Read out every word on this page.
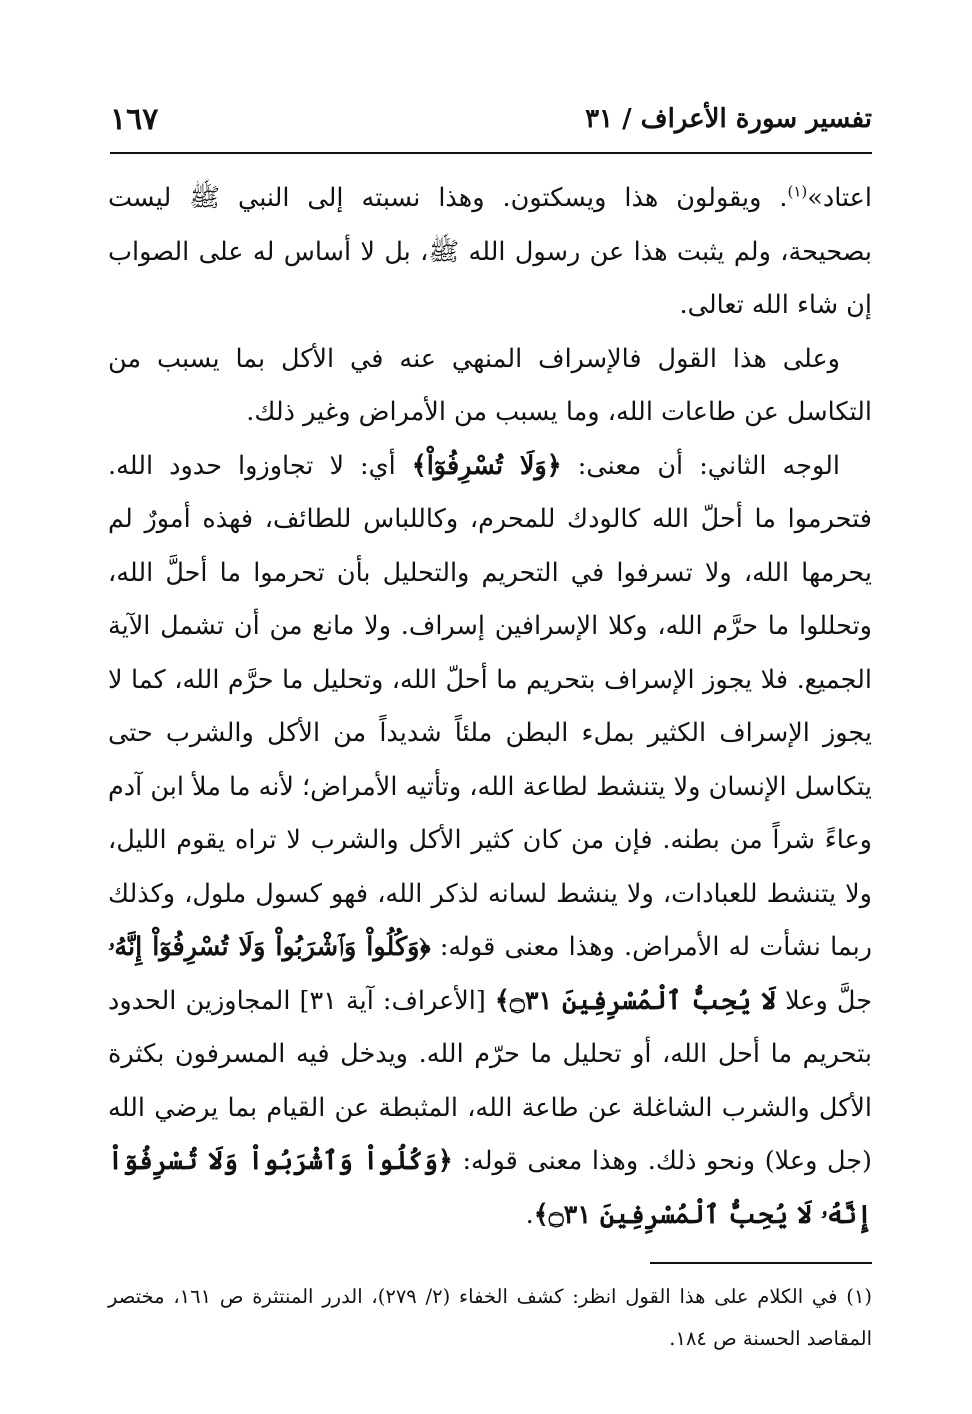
تفسير سورة الأعراف / ٣١
١٦٧

اعتاد»$^{(١)}$. ويقولون هذا ويسكتون. وهذا نسبته إلى النبي ﷺ ليست بصحيحة، ولم يثبت هذا عن رسول الله ﷺ، بل لا أساس له على الصواب إن شاء الله تعالى.

وعلى هذا القول فالإسراف المنهي عنه في الأكل بما يسبب من التكاسل عن طاعات الله، وما يسبب من الأمراض وغير ذلك.

الوجه الثاني: أن معنى: ﴿وَلَا تُسْرِفُوٓاْ﴾ أي: لا تجاوزوا حدود الله. فتحرموا ما أحلّ الله كالودك للمحرم، وكاللباس للطائف، فهذه أمورٌ لم يحرمها الله، ولا تسرفوا في التحريم والتحليل بأن تحرموا ما أحلَّ الله، وتحللوا ما حرَّم الله، وكلا الإسرافين إسراف. ولا مانع من أن تشمل الآية الجميع. فلا يجوز الإسراف بتحريم ما أحلّ الله، وتحليل ما حرَّم الله، كما لا يجوز الإسراف الكثير بملء البطن ملئاً شديداً من الأكل والشرب حتى يتكاسل الإنسان ولا يتنشط لطاعة الله، وتأتيه الأمراض؛ لأنه ما ملأ ابن آدم وعاءً شراً من بطنه. فإن من كان كثير الأكل والشرب لا تراه يقوم الليل، ولا يتنشط للعبادات، ولا ينشط لسانه لذكر الله، فهو كسول ملول، وكذلك ربما نشأت له الأمراض. وهذا معنى قوله: ﴿وَكُلُواْ وَٱشْرَبُواْ وَلَا تُسْرِفُوٓاْ إِنَّهُۥ جلَّ وعلا لَا يُحِبُّ ٱلْمُسْرِفِينَ ۝٣١﴾ [الأعراف: آية ٣١] المجاوزين الحدود بتحريم ما أحل الله، أو تحليل ما حرّم الله. ويدخل فيه المسرفون بكثرة الأكل والشرب الشاغلة عن طاعة الله، المثبطة عن القيام بما يرضي الله (جل وعلا) ونحو ذلك. وهذا معنى قوله: ﴿وَكُلُواْ وَٱشْرَبُواْ وَلَا تُسْرِفُوٓاْ إِنَّهُۥ لَا يُحِبُّ ٱلْمُسْرِفِينَ ۝٣١﴾.

(١) في الكلام على هذا القول انظر: كشف الخفاء (٢/ ٢٧٩)، الدرر المنتثرة ص ١٦١، مختصر المقاصد الحسنة ص ١٨٤.
